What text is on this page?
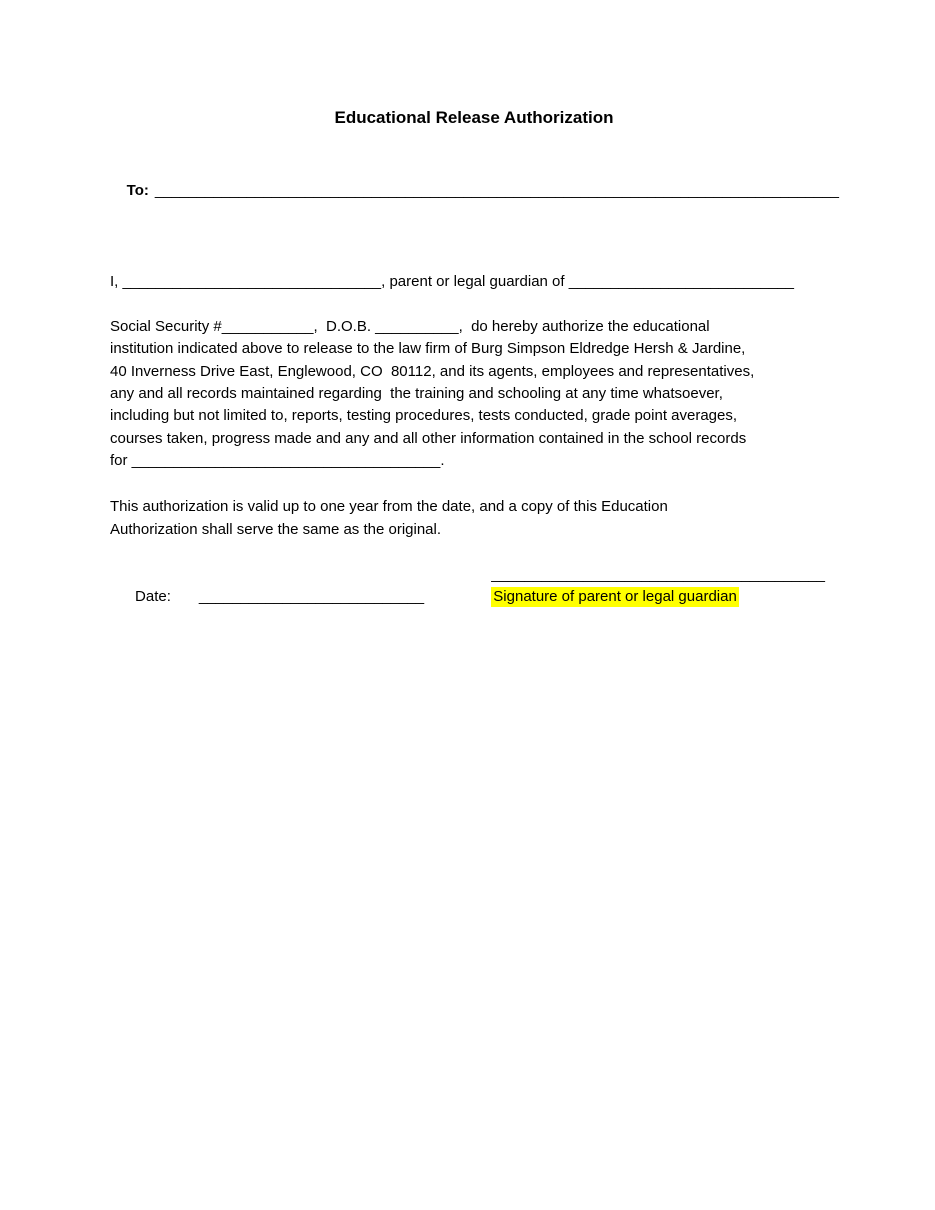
Educational Release Authorization

To: __________________________________________________________________________________

I, _______________________________, parent or legal guardian of ___________________________
Social Security #___________,  D.O.B. __________,  do hereby authorize the educational
institution indicated above to release to the law firm of Burg Simpson Eldredge Hersh & Jardine,
40 Inverness Drive East, Englewood, CO  80112, and its agents, employees and representatives,
any and all records maintained regarding  the training and schooling at any time whatsoever,
including but not limited to, reports, testing procedures, tests conducted, grade point averages,
courses taken, progress made and any and all other information contained in the school records
for _____________________________________.
This authorization is valid up to one year from the date, and a copy of this Education
Authorization shall serve the same as the original.

Date: ___________________________

________________________________________
Signature of parent or legal guardian
